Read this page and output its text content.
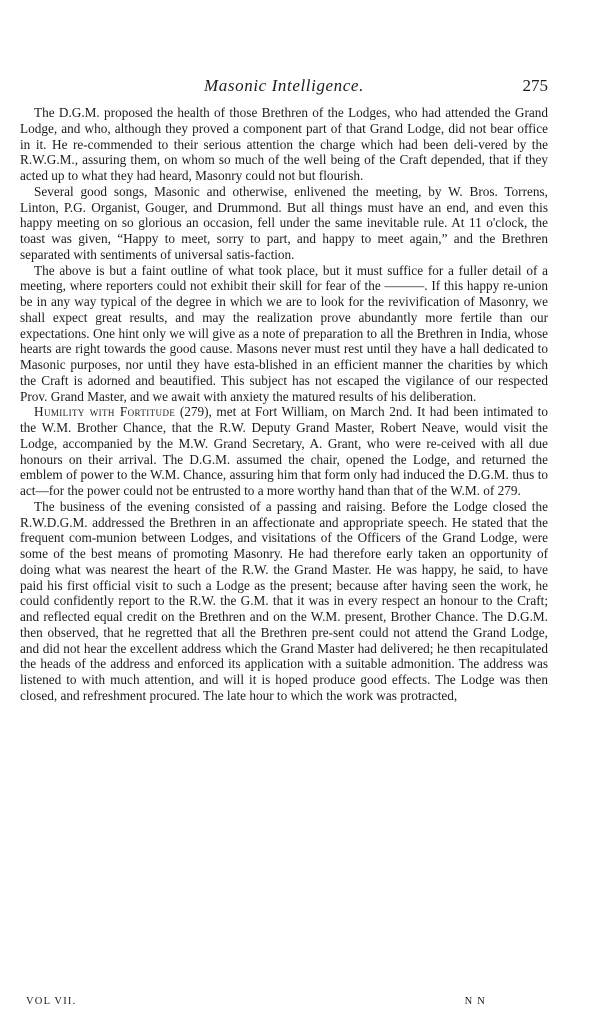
Masonic Intelligence.	275

The D.G.M. proposed the health of those Brethren of the Lodges, who had attended the Grand Lodge, and who, although they proved a component part of that Grand Lodge, did not bear office in it. He re-commended to their serious attention the charge which had been deli-vered by the R.W.G.M., assuring them, on whom so much of the well being of the Craft depended, that if they acted up to what they had heard, Masonry could not but flourish.

Several good songs, Masonic and otherwise, enlivened the meeting, by W. Bros. Torrens, Linton, P.G. Organist, Gouger, and Drummond. But all things must have an end, and even this happy meeting on so glorious an occasion, fell under the same inevitable rule. At 11 o'clock, the toast was given, “Happy to meet, sorry to part, and happy to meet again,” and the Brethren separated with sentiments of universal satis-faction.

The above is but a faint outline of what took place, but it must suffice for a fuller detail of a meeting, where reporters could not exhibit their skill for fear of the ———. If this happy re-union be in any way typical of the degree in which we are to look for the revivification of Masonry, we shall expect great results, and may the realization prove abundantly more fertile than our expectations. One hint only we will give as a note of preparation to all the Brethren in India, whose hearts are right towards the good cause. Masons never must rest until they have a hall dedicated to Masonic purposes, nor until they have esta-blished in an efficient manner the charities by which the Craft is adorned and beautified. This subject has not escaped the vigilance of our respected Prov. Grand Master, and we await with anxiety the matured results of his deliberation.

Humility with Fortitude (279), met at Fort William, on March 2nd. It had been intimated to the W.M. Brother Chance, that the R.W. Deputy Grand Master, Robert Neave, would visit the Lodge, accompanied by the M.W. Grand Secretary, A. Grant, who were re-ceived with all due honours on their arrival. The D.G.M. assumed the chair, opened the Lodge, and returned the emblem of power to the W.M. Chance, assuring him that form only had induced the D.G.M. thus to act—for the power could not be entrusted to a more worthy hand than that of the W.M. of 279.

The business of the evening consisted of a passing and raising. Before the Lodge closed the R.W.D.G.M. addressed the Brethren in an affectionate and appropriate speech. He stated that the frequent com-munion between Lodges, and visitations of the Officers of the Grand Lodge, were some of the best means of promoting Masonry. He had therefore early taken an opportunity of doing what was nearest the heart of the R.W. the Grand Master. He was happy, he said, to have paid his first official visit to such a Lodge as the present; because after having seen the work, he could confidently report to the R.W. the G.M. that it was in every respect an honour to the Craft; and reflected equal credit on the Brethren and on the W.M. present, Brother Chance. The D.G.M. then observed, that he regretted that all the Brethren pre-sent could not attend the Grand Lodge, and did not hear the excellent address which the Grand Master had delivered; he then recapitulated the heads of the address and enforced its application with a suitable admonition. The address was listened to with much attention, and will it is hoped produce good effects. The Lodge was then closed, and refreshment procured. The late hour to which the work was protracted,

VOL VII.	N N
